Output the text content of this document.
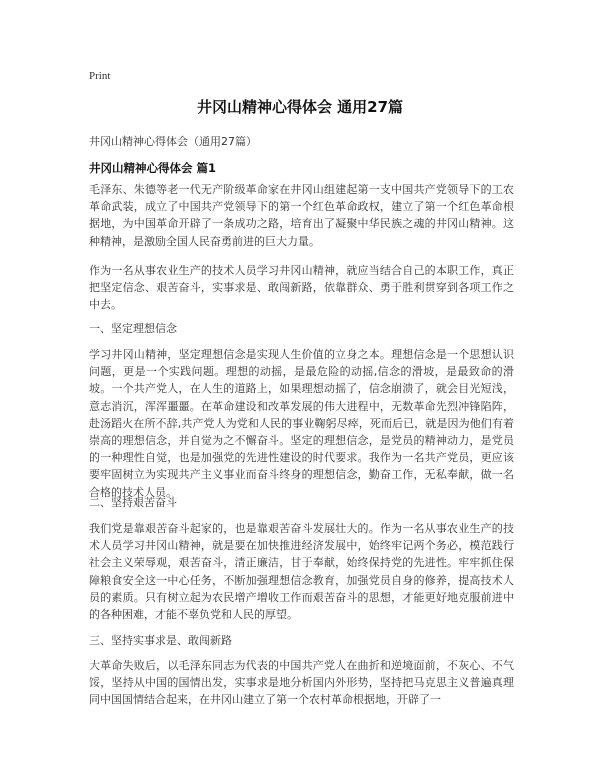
Print
井冈山精神心得体会 通用27篇
井冈山精神心得体会（通用27篇）
井冈山精神心得体会 篇1

毛泽东、朱德等老一代无产阶级革命家在井冈山组建起第一支中国共产党领导下的工农革命武装，成立了中国共产党领导下的第一个红色革命政权，建立了第一个红色革命根据地，为中国革命开辟了一条成功之路，培育出了凝聚中华民族之魂的井冈山精神。这种精神，是激励全国人民奋勇前进的巨大力量。

作为一名从事农业生产的技术人员学习井冈山精神，就应当结合自己的本职工作，真正把坚定信念、艰苦奋斗，实事求是、敢闯新路，依靠群众、勇于胜利贯穿到各项工作之中去。

一、坚定理想信念

学习井冈山精神，坚定理想信念是实现人生价值的立身之本。理想信念是一个思想认识问题，更是一个实践问题。理想的动摇，是最危险的动摇,信念的滑坡，是最致命的滑坡。一个共产党人，在人生的道路上，如果理想动摇了，信念崩溃了，就会目光短浅，意志消沉，浑浑噩噩。在革命建设和改革发展的伟大进程中，无数革命先烈冲锋陷阵，赴汤蹈火在所不辞,共产党人为党和人民的事业鞠躬尽瘁，死而后已，就是因为他们有着崇高的理想信念，并自觉为之不懈奋斗。坚定的理想信念，是党员的精神动力，是党员的一种理性自觉，也是加强党的先进性建设的时代要求。我作为一名共产党员，更应该要牢固树立为实现共产主义事业而奋斗终身的理想信念，勤奋工作，无私奉献，做一名合格的技术人员。

二、坚持艰苦奋斗

我们党是靠艰苦奋斗起家的，也是靠艰苦奋斗发展壮大的。作为一名从事农业生产的技术人员学习井冈山精神，就是要在加快推进经济发展中，始终牢记两个务必，模范践行社会主义荣辱观，艰苦奋斗，清正廉洁，甘于奉献，始终保持党的先进性。牢牢抓住保障粮食安全这一中心任务，不断加强理想信念教育，加强党员自身的修养，提高技术人员的素质。只有树立起为农民增产增收工作而艰苦奋斗的思想，才能更好地克服前进中的各种困难，才能不辜负党和人民的厚望。

三、坚持实事求是、敢闯新路

大革命失败后，以毛泽东同志为代表的中国共产党人在曲折和逆境面前，不灰心、不气馁，坚持从中国的国情出发，实事求是地分析国内外形势，坚持把马克思主义普遍真理同中国国情结合起来，在井冈山建立了第一个农村革命根据地，开辟了一
